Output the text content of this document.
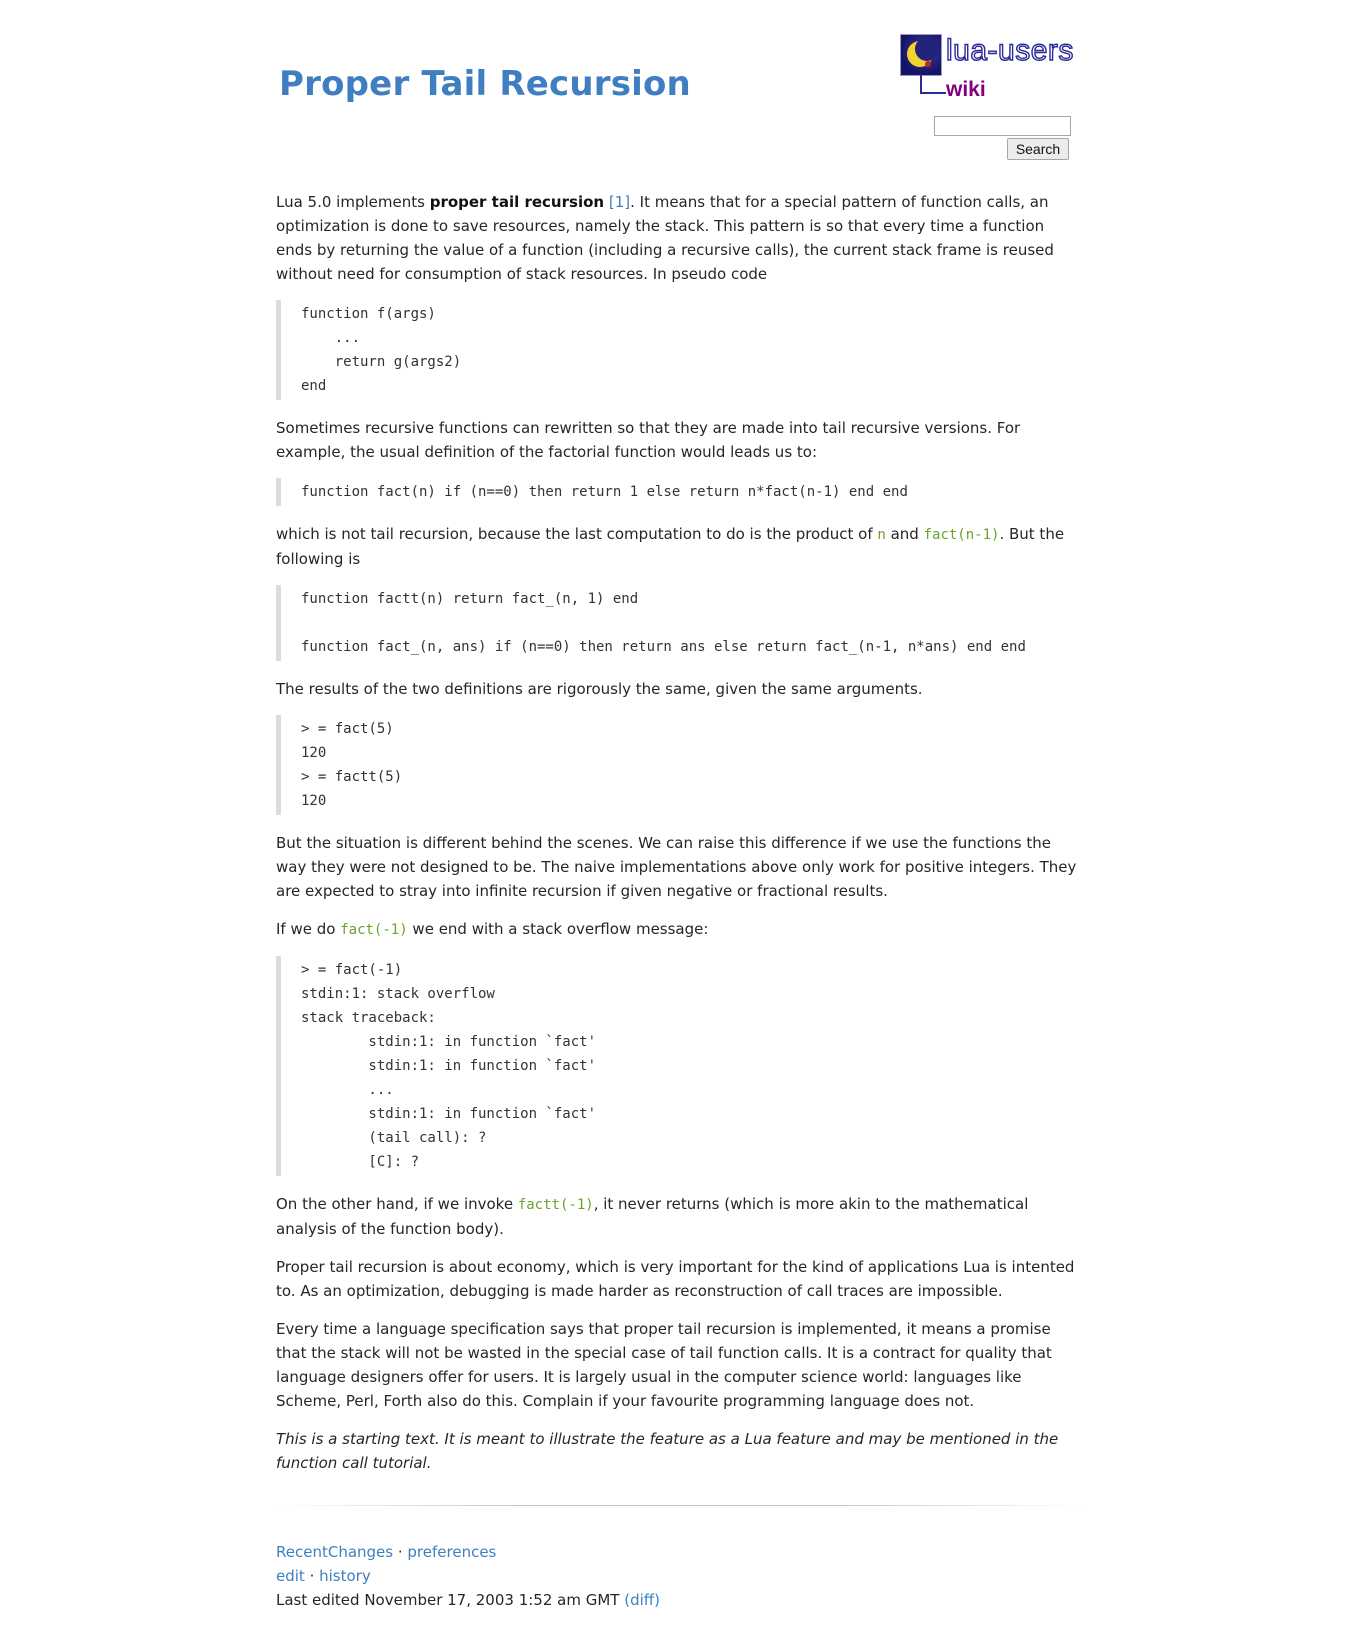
Proper Tail Recursion
lua-users
wiki
Search

Lua 5.0 implements proper tail recursion [1]. It means that for a special pattern of function calls, an optimization is done to save resources, namely the stack. This pattern is so that every time a function ends by returning the value of a function (including a recursive calls), the current stack frame is reused without need for consumption of stack resources. In pseudo code

function f(args)
...
return g(args2)
end

Sometimes recursive functions can rewritten so that they are made into tail recursive versions. For example, the usual definition of the factorial function would leads us to:

function fact(n) if (n==0) then return 1 else return n*fact(n-1) end end

which is not tail recursion, because the last computation to do is the product of n and fact(n-1). But the following is

function factt(n) return fact_(n, 1) end

function fact_(n, ans) if (n==0) then return ans else return fact_(n-1, n*ans) end end

The results of the two definitions are rigorously the same, given the same arguments.

> = fact(5)
120
> = factt(5)
120

But the situation is different behind the scenes. We can raise this difference if we use the functions the way they were not designed to be. The naive implementations above only work for positive integers. They are expected to stray into infinite recursion if given negative or fractional results.

If we do fact(-1) we end with a stack overflow message:

> = fact(-1)
stdin:1: stack overflow
stack traceback:
stdin:1: in function `fact'
stdin:1: in function `fact'
...
stdin:1: in function `fact'
(tail call): ?
[C]: ?

On the other hand, if we invoke factt(-1), it never returns (which is more akin to the mathematical analysis of the function body).

Proper tail recursion is about economy, which is very important for the kind of applications Lua is intented to. As an optimization, debugging is made harder as reconstruction of call traces are impossible.

Every time a language specification says that proper tail recursion is implemented, it means a promise that the stack will not be wasted in the special case of tail function calls. It is a contract for quality that language designers offer for users. It is largely usual in the computer science world: languages like Scheme, Perl, Forth also do this. Complain if your favourite programming language does not.

This is a starting text. It is meant to illustrate the feature as a Lua feature and may be mentioned in the function call tutorial.

RecentChanges · preferences
edit · history
Last edited November 17, 2003 1:52 am GMT (diff)
